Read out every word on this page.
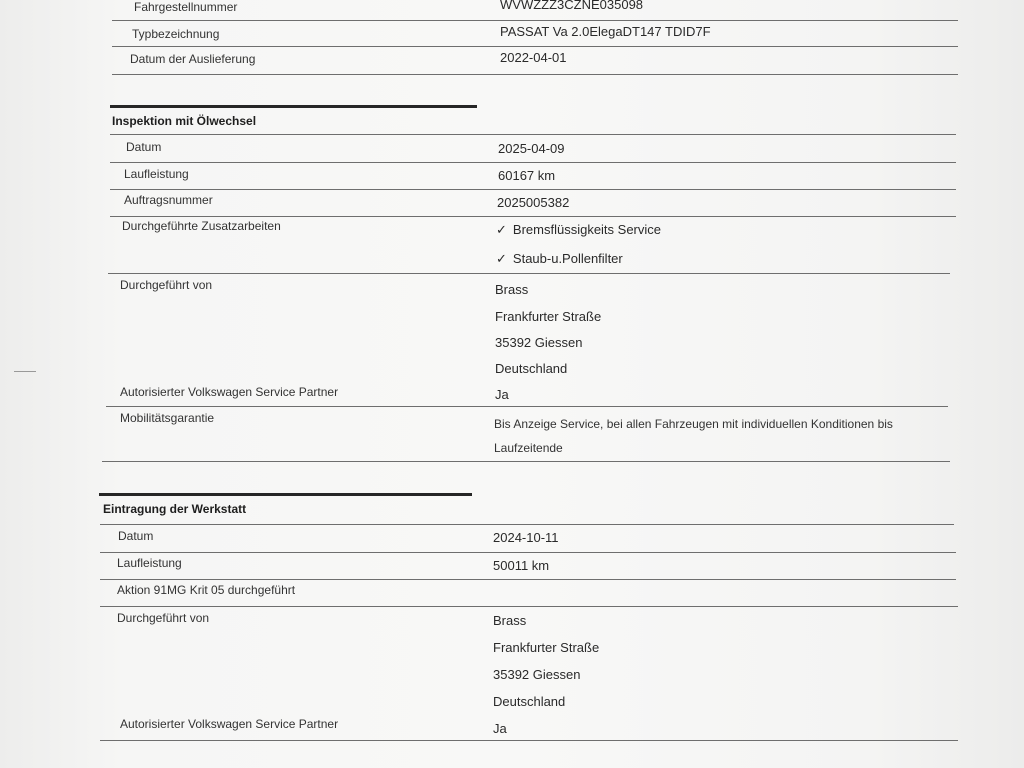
Fahrgestellnummer	WVWZZZ3CZNE035098
Typbezeichnung	PASSAT Va 2.0ElegaDT147 TDID7F
Datum der Auslieferung	2022-04-01
Inspektion mit Ölwechsel
Datum	2025-04-09
Laufleistung	60167 km
Auftragsnummer	2025005382
Durchgeführte Zusatzarbeiten	✓ Bremsflüssigkeits Service
✓ Staub-u.Pollenfilter
Durchgeführt von	Brass
Frankfurter Straße
35392 Giessen
Deutschland
Autorisierter Volkswagen Service Partner	Ja
Mobilitätsgarantie	Bis Anzeige Service, bei allen Fahrzeugen mit individuellen Konditionen bis
Laufzeitende
Eintragung der Werkstatt
Datum	2024-10-11
Laufleistung	50011 km
Aktion 91MG Krit 05 durchgeführt
Durchgeführt von	Brass
Frankfurter Straße
35392 Giessen
Deutschland
Autorisierter Volkswagen Service Partner	Ja
